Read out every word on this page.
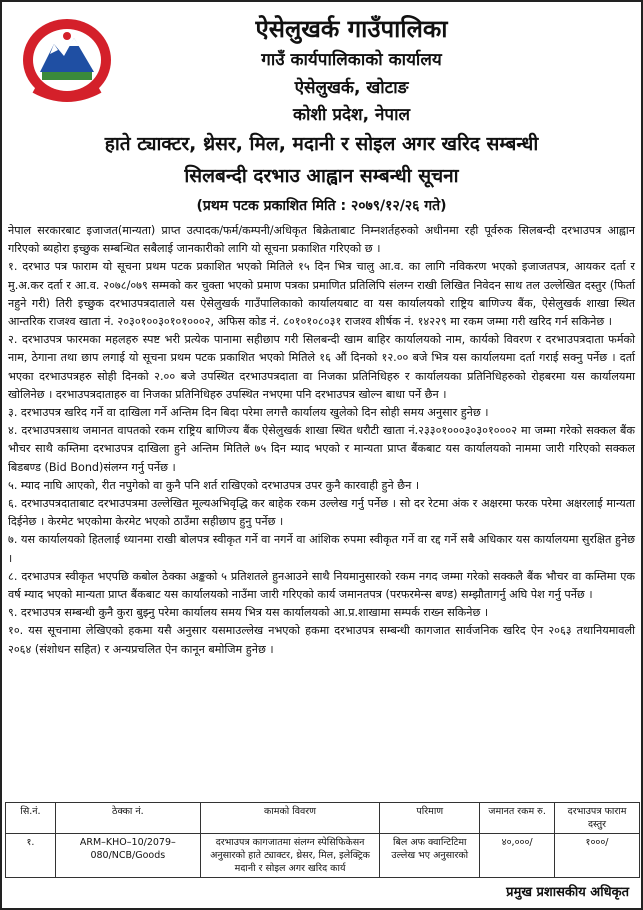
ऐसेलुखर्क गाउँपालिका
गाउँ कार्यपालिकाको कार्यालय
ऐसेलुखर्क, खोटाङ
कोशी प्रदेश, नेपाल
हाते ट्याक्टर, थ्रेसर, मिल, मदानी र सोइल अगर खरिद सम्बन्धी
सिलबन्दी दरभाउ आह्वान सम्बन्धी सूचना
(प्रथम पटक प्रकाशित मिति : २०७९/१२/२६ गते)

नेपाल सरकारबाट इजाजत(मान्यता) प्राप्त उत्पादक/फर्म/कम्पनी/अधिकृत बिक्रेताबाट निम्नशर्तहरुको अधीनमा रही पूर्वरुक सिलबन्दी दरभाउपत्र आह्वान गरिएको ब्यहोरा इच्छुक सम्बन्धित सबैलाई जानकारीको लागि यो सूचना प्रकाशित गरिएको छ ।

१. दरभाउ पत्र फाराम यो सूचना प्रथम पटक प्रकाशित भएको मितिले १५ दिन भित्र चालु आ.व. का लागि नविकरण भएको इजाजतपत्र, आयकर दर्ता र मु.अ.कर दर्ता र आ.व. २०७८/०७९ सम्मको कर चुक्ता भएको प्रमाण पत्रका प्रमाणित प्रतिलिपि संलग्न राखी लिखित निवेदन साथ तल उल्लेखित दस्तुर (फिर्ता नहुने गरी) तिरी इच्छुक दरभाउपत्रदाताले यस ऐसेलुखर्क गाउँपालिकाको कार्यालयबाट वा यस कार्यालयको राष्ट्रिय बाणिज्य बैंक, ऐसेलुखर्क शाखा स्थित आन्तरिक राजश्व खाता नं. २०३०१००३०१०१०००२, अफिस कोड नं. ८०१०१०८०३१ राजश्व शीर्षक नं. १४२२९ मा रकम जम्मा गरी खरिद गर्न सकिनेछ ।

२. दरभाउपत्र फारमका महलहरु स्पष्ट भरी प्रत्येक पानामा सहीछाप गरी सिलबन्दी खाम बाहिर कार्यालयको नाम, कार्यको विवरण र दरभाउपत्रदाता फर्मको नाम, ठेगाना तथा छाप लगाई यो सूचना प्रथम पटक प्रकाशित भएको मितिले १६ औं दिनको १२.०० बजे भित्र यस कार्यालयमा दर्ता गराई सक्नु पर्नेछ । दर्ता भएका दरभाउपत्रहरु सोही दिनको २.०० बजे उपस्थित दरभाउपत्रदाता वा निजका प्रतिनिधिहरु र कार्यालयका प्रतिनिधिहरुको रोहबरमा यस कार्यालयमा खोलिनेछ । दरभाउपत्रदाताहरु वा निजका प्रतिनिधिहरु उपस्थित नभएमा पनि दरभाउपत्र खोल्न बाधा पर्ने छैन ।

३. दरभाउपत्र खरिद गर्ने वा दाखिला गर्ने अन्तिम दिन बिदा परेमा लगत्तै कार्यालय खुलेको दिन सोही समय अनुसार हुनेछ ।

४. दरभाउपत्रसाथ जमानत वापतको रकम राष्ट्रिय बाणिज्य बैंक ऐसेलुखर्क शाखा स्थित धरौटी खाता नं.२३३०१०००३०३०१०००२ मा जम्मा गरेको सक्कल बैंक भौचर साथै कम्तिमा दरभाउपत्र दाखिला हुने अन्तिम मितिले ७५ दिन म्याद भएको र मान्यता प्राप्त बैंकबाट यस कार्यालयको नाममा जारी गरिएको सक्कल बिडबण्ड (Bid Bond)संलग्न गर्नु पर्नेछ ।

५. म्याद नाघि आएको, रीत नपुगेको वा कुनै पनि शर्त राखिएको दरभाउपत्र उपर कुनै कारवाही हुने छैन ।

६. दरभाउपत्रदाताबाट दरभाउपत्रमा उल्लेखित मूल्यअभिवृद्धि कर बाहेक रकम उल्लेख गर्नु पर्नेछ । सो दर रेटमा अंक र अक्षरमा फरक परेमा अक्षरलाई मान्यता दिईनेछ । केरमेट भएकोमा केरमेट भएको ठाउँमा सहीछाप हुनु पर्नेछ ।

७. यस कार्यालयको हितलाई ध्यानमा राखी बोलपत्र स्वीकृत गर्ने वा नगर्ने वा आंशिक रुपमा स्वीकृत गर्ने वा रद्द गर्ने सबै अधिकार यस कार्यालयमा सुरक्षित हुनेछ ।

८. दरभाउपत्र स्वीकृत भएपछि कबोल ठेक्का अङ्कको ५ प्रतिशतले हुनआउने साथै नियमानुसारको रकम नगद जम्मा गरेको सक्कलै बैंक भौचर वा कम्तिमा एक वर्ष म्याद भएको मान्यता प्राप्त बैंकबाट यस कार्यालयको नाउँमा जारी गरिएको कार्य जमानतपत्र (परफरमेन्स बण्ड) सम्झौतागर्नु अघि पेश गर्नु पर्नेछ ।

९. दरभाउपत्र सम्बन्धी कुनै कुरा बुझ्नु परेमा कार्यालय समय भित्र यस कार्यालयको आ.प्र.शाखामा सम्पर्क राख्न सकिनेछ ।

१०. यस सूचनामा लेखिएको हकमा यसै अनुसार यसमाउल्लेख नभएको हकमा दरभाउपत्र सम्बन्धी कागजात सार्वजनिक खरिद ऐन २०६३ तथानियमावली २०६४ (संशोधन सहित) र अन्यप्रचलित ऐन कानून बमोजिम हुनेछ ।

सि.नं.	ठेक्का नं.	कामको विवरण	परिमाण	जमानत रकम रु.	दरभाउपत्र फाराम दस्तुर
१.	ARM–KHO–10/2079–080/NCB/Goods	दरभाउपत्र कागजातमा संलग्न स्पेसिफिकेसन अनुसारको हाते ट्याक्टर, थ्रेसर, मिल, इलेक्ट्रिक मदानी र सोइल अगर खरिद कार्य	बिल अफ क्वान्टिटिमा उल्लेख भए अनुसारको	४०,०००/	१०००/
प्रमुख प्रशासकीय अधिकृत
